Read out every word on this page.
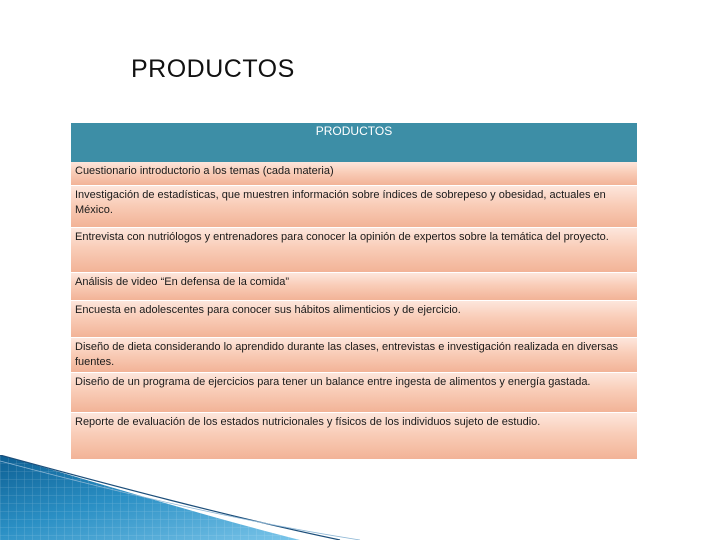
PRODUCTOS
PRODUCTOS
Cuestionario introductorio a los temas (cada materia)
Investigación de estadísticas, que muestren información sobre índices de sobrepeso y obesidad, actuales en México.
Entrevista con nutriólogos y entrenadores para conocer la opinión de expertos sobre la temática del proyecto.
Análisis de video “En defensa de la comida”
Encuesta en adolescentes para conocer sus hábitos alimenticios y de ejercicio.
Diseño de dieta considerando lo aprendido durante las clases, entrevistas e investigación realizada en diversas fuentes.
Diseño de un programa de ejercicios para tener un balance entre ingesta de alimentos y energía gastada.
Reporte de evaluación de los estados nutricionales y físicos de los individuos sujeto de estudio.
